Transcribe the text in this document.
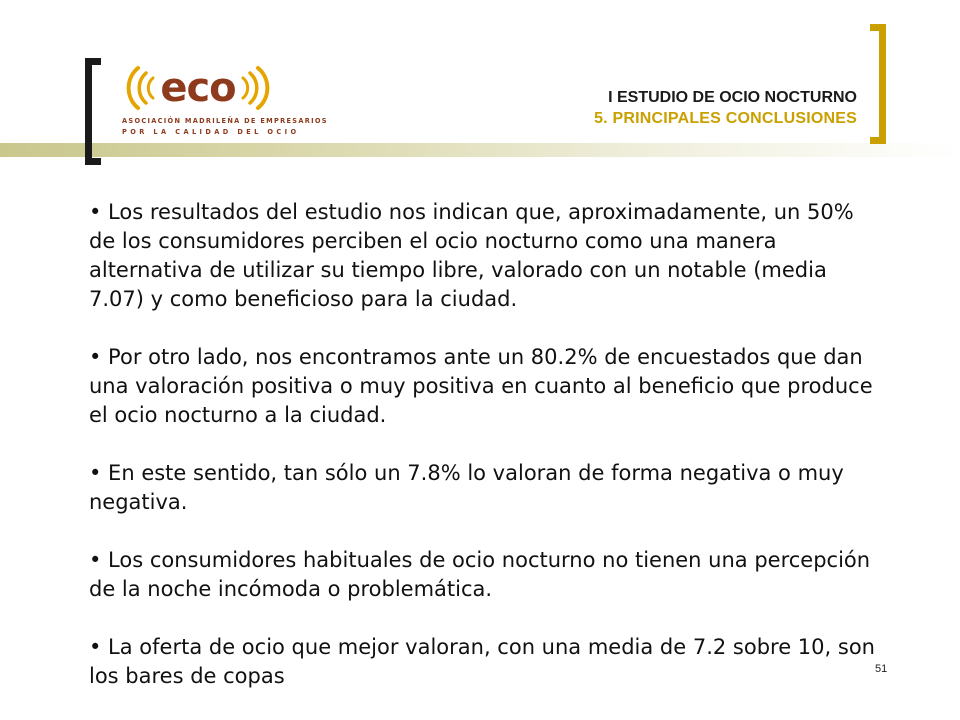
eco
ASOCIACIÓN MADRILEÑA DE EMPRESARIOS
POR LA CALIDAD DEL OCIO
I ESTUDIO DE OCIO NOCTURNO
5. PRINCIPALES CONCLUSIONES

• Los resultados del estudio nos indican que, aproximadamente, un 50% de los consumidores perciben el ocio nocturno como una manera alternativa de utilizar su tiempo libre, valorado con un notable (media 7.07) y como beneficioso para la ciudad.

• Por otro lado, nos encontramos ante un 80.2% de encuestados que dan una valoración positiva o muy positiva en cuanto al beneficio que produce el ocio nocturno a la ciudad.

• En este sentido, tan sólo un 7.8% lo valoran de forma negativa o muy negativa.

• Los consumidores habituales de ocio nocturno no tienen una percepción de la noche incómoda o problemática.

• La oferta de ocio que mejor valoran, con una media de 7.2 sobre 10, son los bares de copas	51
